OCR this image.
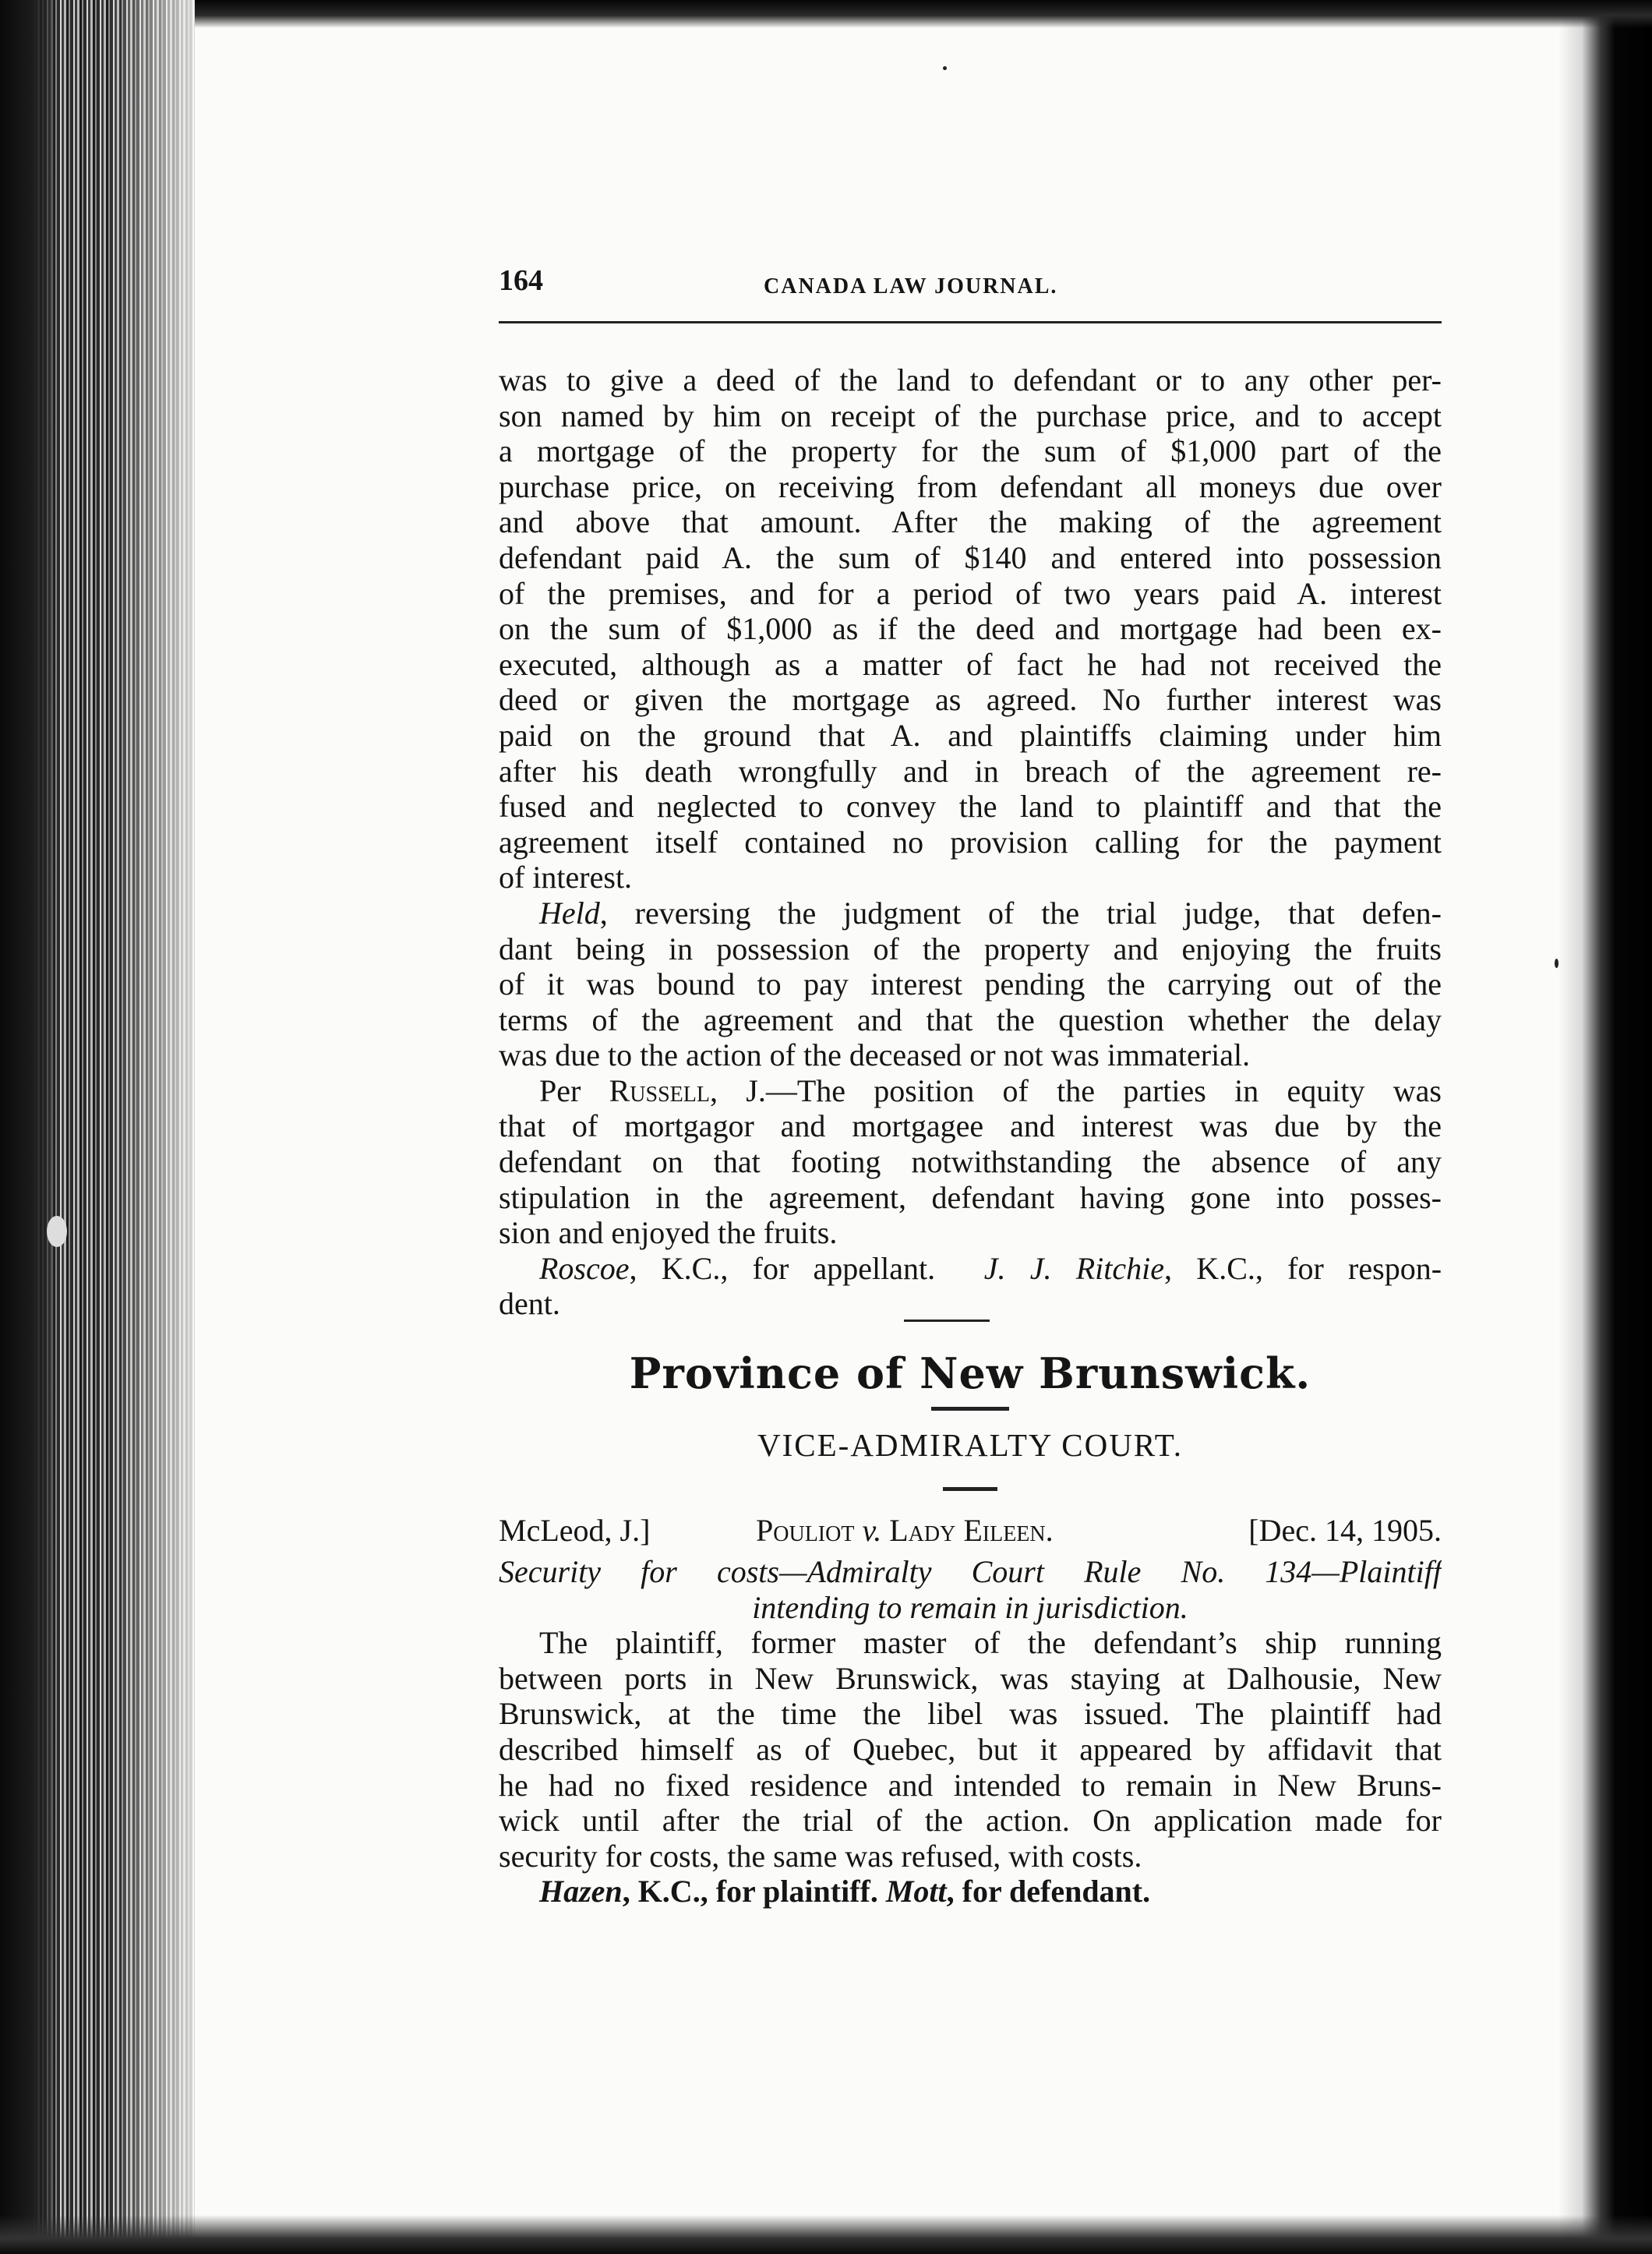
164	CANADA LAW JOURNAL.
was to give a deed of the land to defendant or to any other per-
son named by him on receipt of the purchase price, and to accept
a mortgage of the property for the sum of $1,000 part of the
purchase price, on receiving from defendant all moneys due over
and above that amount. After the making of the agreement
defendant paid A. the sum of $140 and entered into possession
of the premises, and for a period of two years paid A. interest
on the sum of $1,000 as if the deed and mortgage had been ex-
executed, although as a matter of fact he had not received the
deed or given the mortgage as agreed. No further interest was
paid on the ground that A. and plaintiffs claiming under him
after his death wrongfully and in breach of the agreement re-
fused and neglected to convey the land to plaintiff and that the
agreement itself contained no provision calling for the payment
of interest.
Held, reversing the judgment of the trial judge, that defen-
dant being in possession of the property and enjoying the fruits
of it was bound to pay interest pending the carrying out of the
terms of the agreement and that the question whether the delay
was due to the action of the deceased or not was immaterial.
Per Russell, J.—The position of the parties in equity was
that of mortgagor and mortgagee and interest was due by the
defendant on that footing notwithstanding the absence of any
stipulation in the agreement, defendant having gone into posses-
sion and enjoyed the fruits.
Roscoe, K.C., for appellant. J. J. Ritchie, K.C., for respon-
dent.
Province of New Brunswick.
VICE-ADMIRALTY COURT.
McLeod, J.]	Pouliot v. Lady Eileen.	[Dec. 14, 1905.
Security for costs—Admiralty Court Rule No. 134—Plaintiff
intending to remain in jurisdiction.
The plaintiff, former master of the defendant’s ship running
between ports in New Brunswick, was staying at Dalhousie, New
Brunswick, at the time the libel was issued. The plaintiff had
described himself as of Quebec, but it appeared by affidavit that
he had no fixed residence and intended to remain in New Bruns-
wick until after the trial of the action. On application made for
security for costs, the same was refused, with costs.
Hazen, K.C., for plaintiff. Mott, for defendant.
